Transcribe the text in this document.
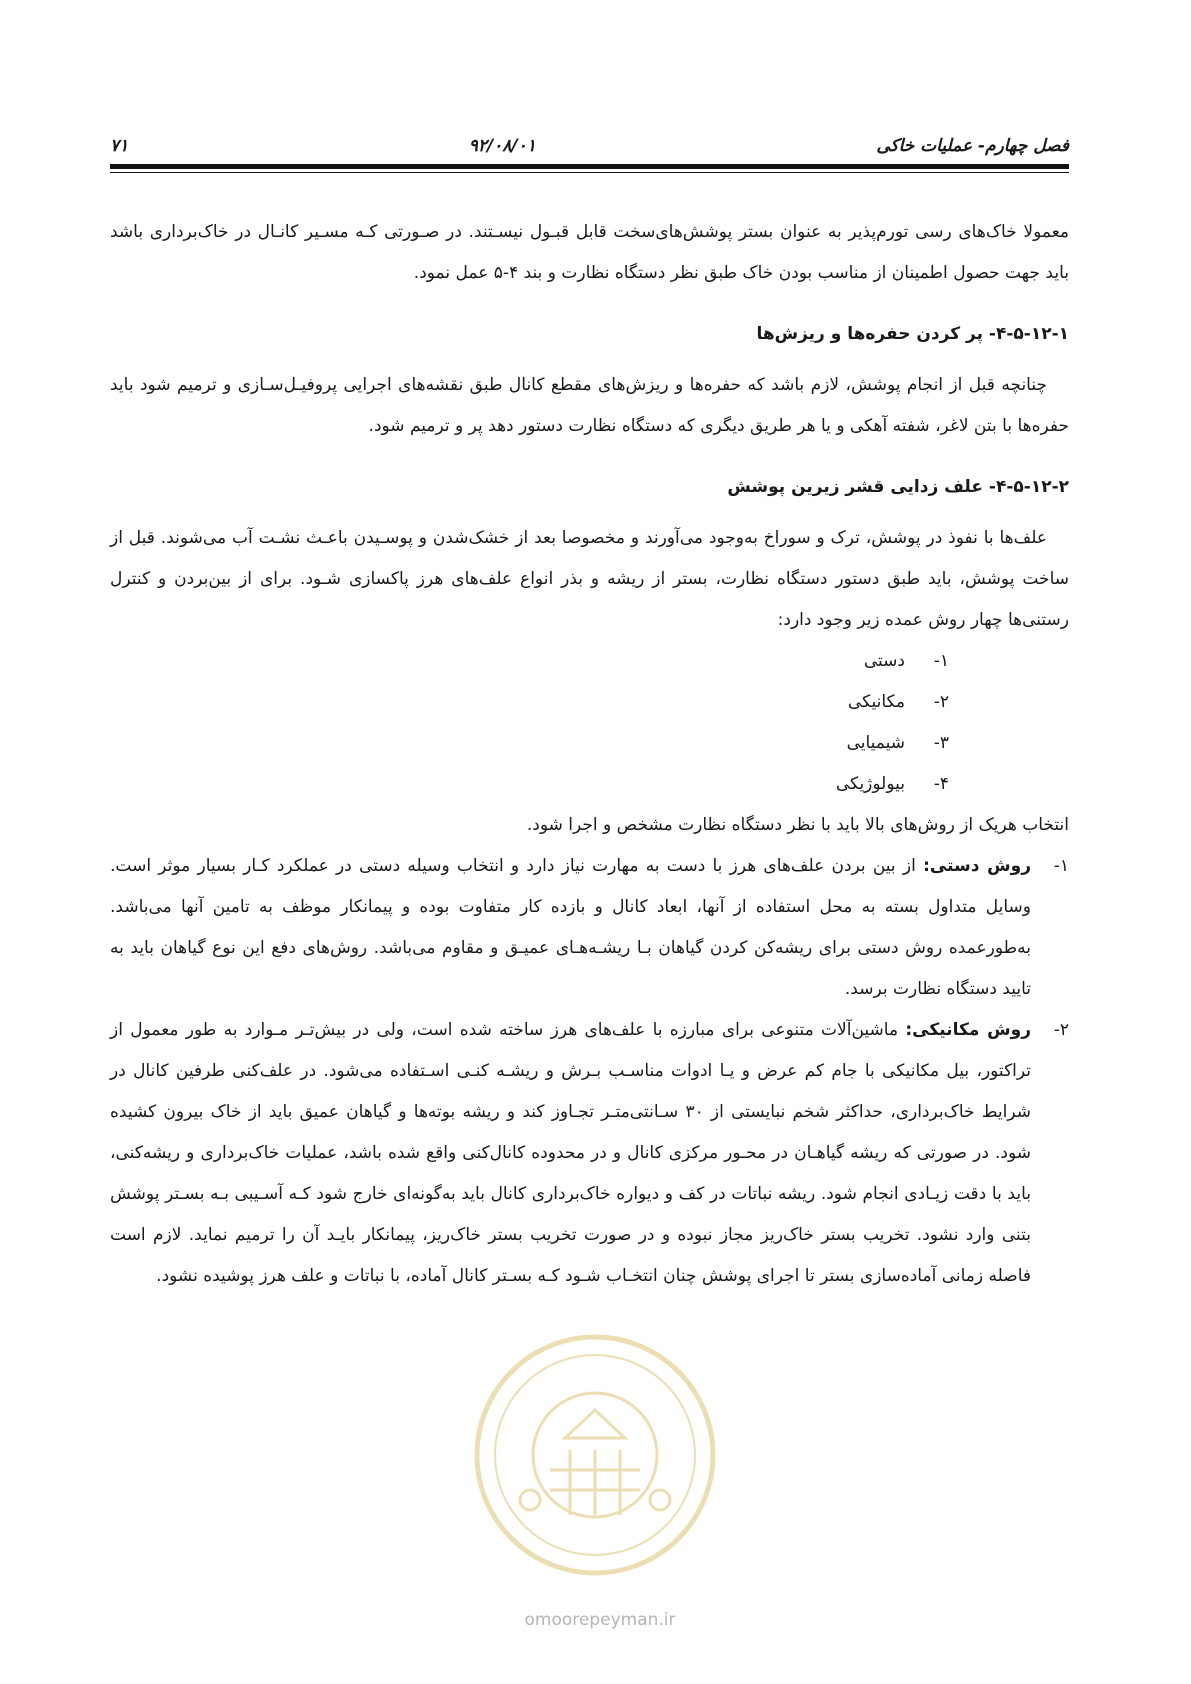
فصل چهارم- عملیات خاکی
۹۲/۰۸/۰۱
۷۱

معمولا خاک‌های رسی تورم‌پذیر به عنوان بستر پوشش‌های‌سخت قابل قبـول نیسـتند. در صـورتی کـه مسـیر کانـال در خاک‌برداری باشد باید جهت حصول اطمینان از مناسب بودن خاک طبق نظر دستگاه نظارت و بند ۴-۵ عمل نمود.

۴-۵-۱۲-۱- پر کردن حفره‌ها و ریزش‌ها

چنانچه قبل از انجام پوشش، لازم باشد که حفره‌ها و ریزش‌های مقطع کانال طبق نقشه‌های اجرایی پروفیـل‌سـازی و ترمیم شود باید حفره‌ها با بتن لاغر، شفته آهکی و یا هر طریق دیگری که دستگاه نظارت دستور دهد پر و ترمیم شود.

۴-۵-۱۲-۲- علف زدایی قشر زیرین پوشش

علف‌ها با نفوذ در پوشش، ترک و سوراخ به‌وجود می‌آورند و مخصوصا بعد از خشک‌شدن و پوسـیدن باعـث نشـت آب می‌شوند. قبل از ساخت پوشش، باید طبق دستور دستگاه نظارت، بستر از ریشه و بذر انواع علف‌های هرز پاکسازی شـود. برای از بین‌بردن و کنترل رستنی‌ها چهار روش عمده زیر وجود دارد:

۱-
دستی
۲-
مکانیکی
۳-
شیمیایی
۴-
بیولوژیکی

انتخاب هریک از روش‌های بالا باید با نظر دستگاه نظارت مشخص و اجرا شود.

۱-

روش دستی: از بین بردن علف‌های هرز با دست به مهارت نیاز دارد و انتخاب وسیله دستی در عملکرد کـار بسیار موثر است. وسایل متداول بسته به محل استفاده از آنها، ابعاد کانال و بازده کار متفاوت بوده و پیمانکار موظف به تامین آنها می‌باشد. به‌طورعمده روش دستی برای ریشه‌کن کردن گیاهان بـا ریشـه‌هـای عمیـق و مقاوم می‌باشد. روش‌های دفع این نوع گیاهان باید به تایید دستگاه نظارت برسد.

۲-

روش مکانیکی: ماشین‌آلات متنوعی برای مبارزه با علف‌های هرز ساخته شده است، ولی در بیش‌تـر مـوارد به طور معمول از تراکتور، بیل مکانیکی با جام کم عرض و یـا ادوات مناسـب بـرش و ریشـه کنـی اسـتفاده می‌شود. در علف‌کنی طرفین کانال در شرایط خاک‌برداری، حداکثر شخم نبایستی از ۳۰ سـانتی‌متـر تجـاوز کند و ریشه بوته‌ها و گیاهان عمیق باید از خاک بیرون کشیده شود. در صورتی که ریشه گیاهـان در محـور مرکزی کانال و در محدوده کانال‌کنی واقع شده باشد، عملیات خاک‌برداری و ریشه‌کنی، باید با دقت زیـادی انجام شود. ریشه نباتات در کف و دیواره خاک‌برداری کانال باید به‌گونه‌ای خارج شود کـه آسـیبی بـه بسـتر پوشش بتنی وارد نشود. تخریب بستر خاک‌ریز مجاز نبوده و در صورت تخریب بستر خاک‌ریز، پیمانکار بایـد آن را ترمیم نماید. لازم است فاصله زمانی آماده‌سازی بستر تا اجرای پوشش چنان انتخـاب شـود کـه بسـتر کانال آماده، با نباتات و علف هرز پوشیده نشود.

omoorepeyman.ir
